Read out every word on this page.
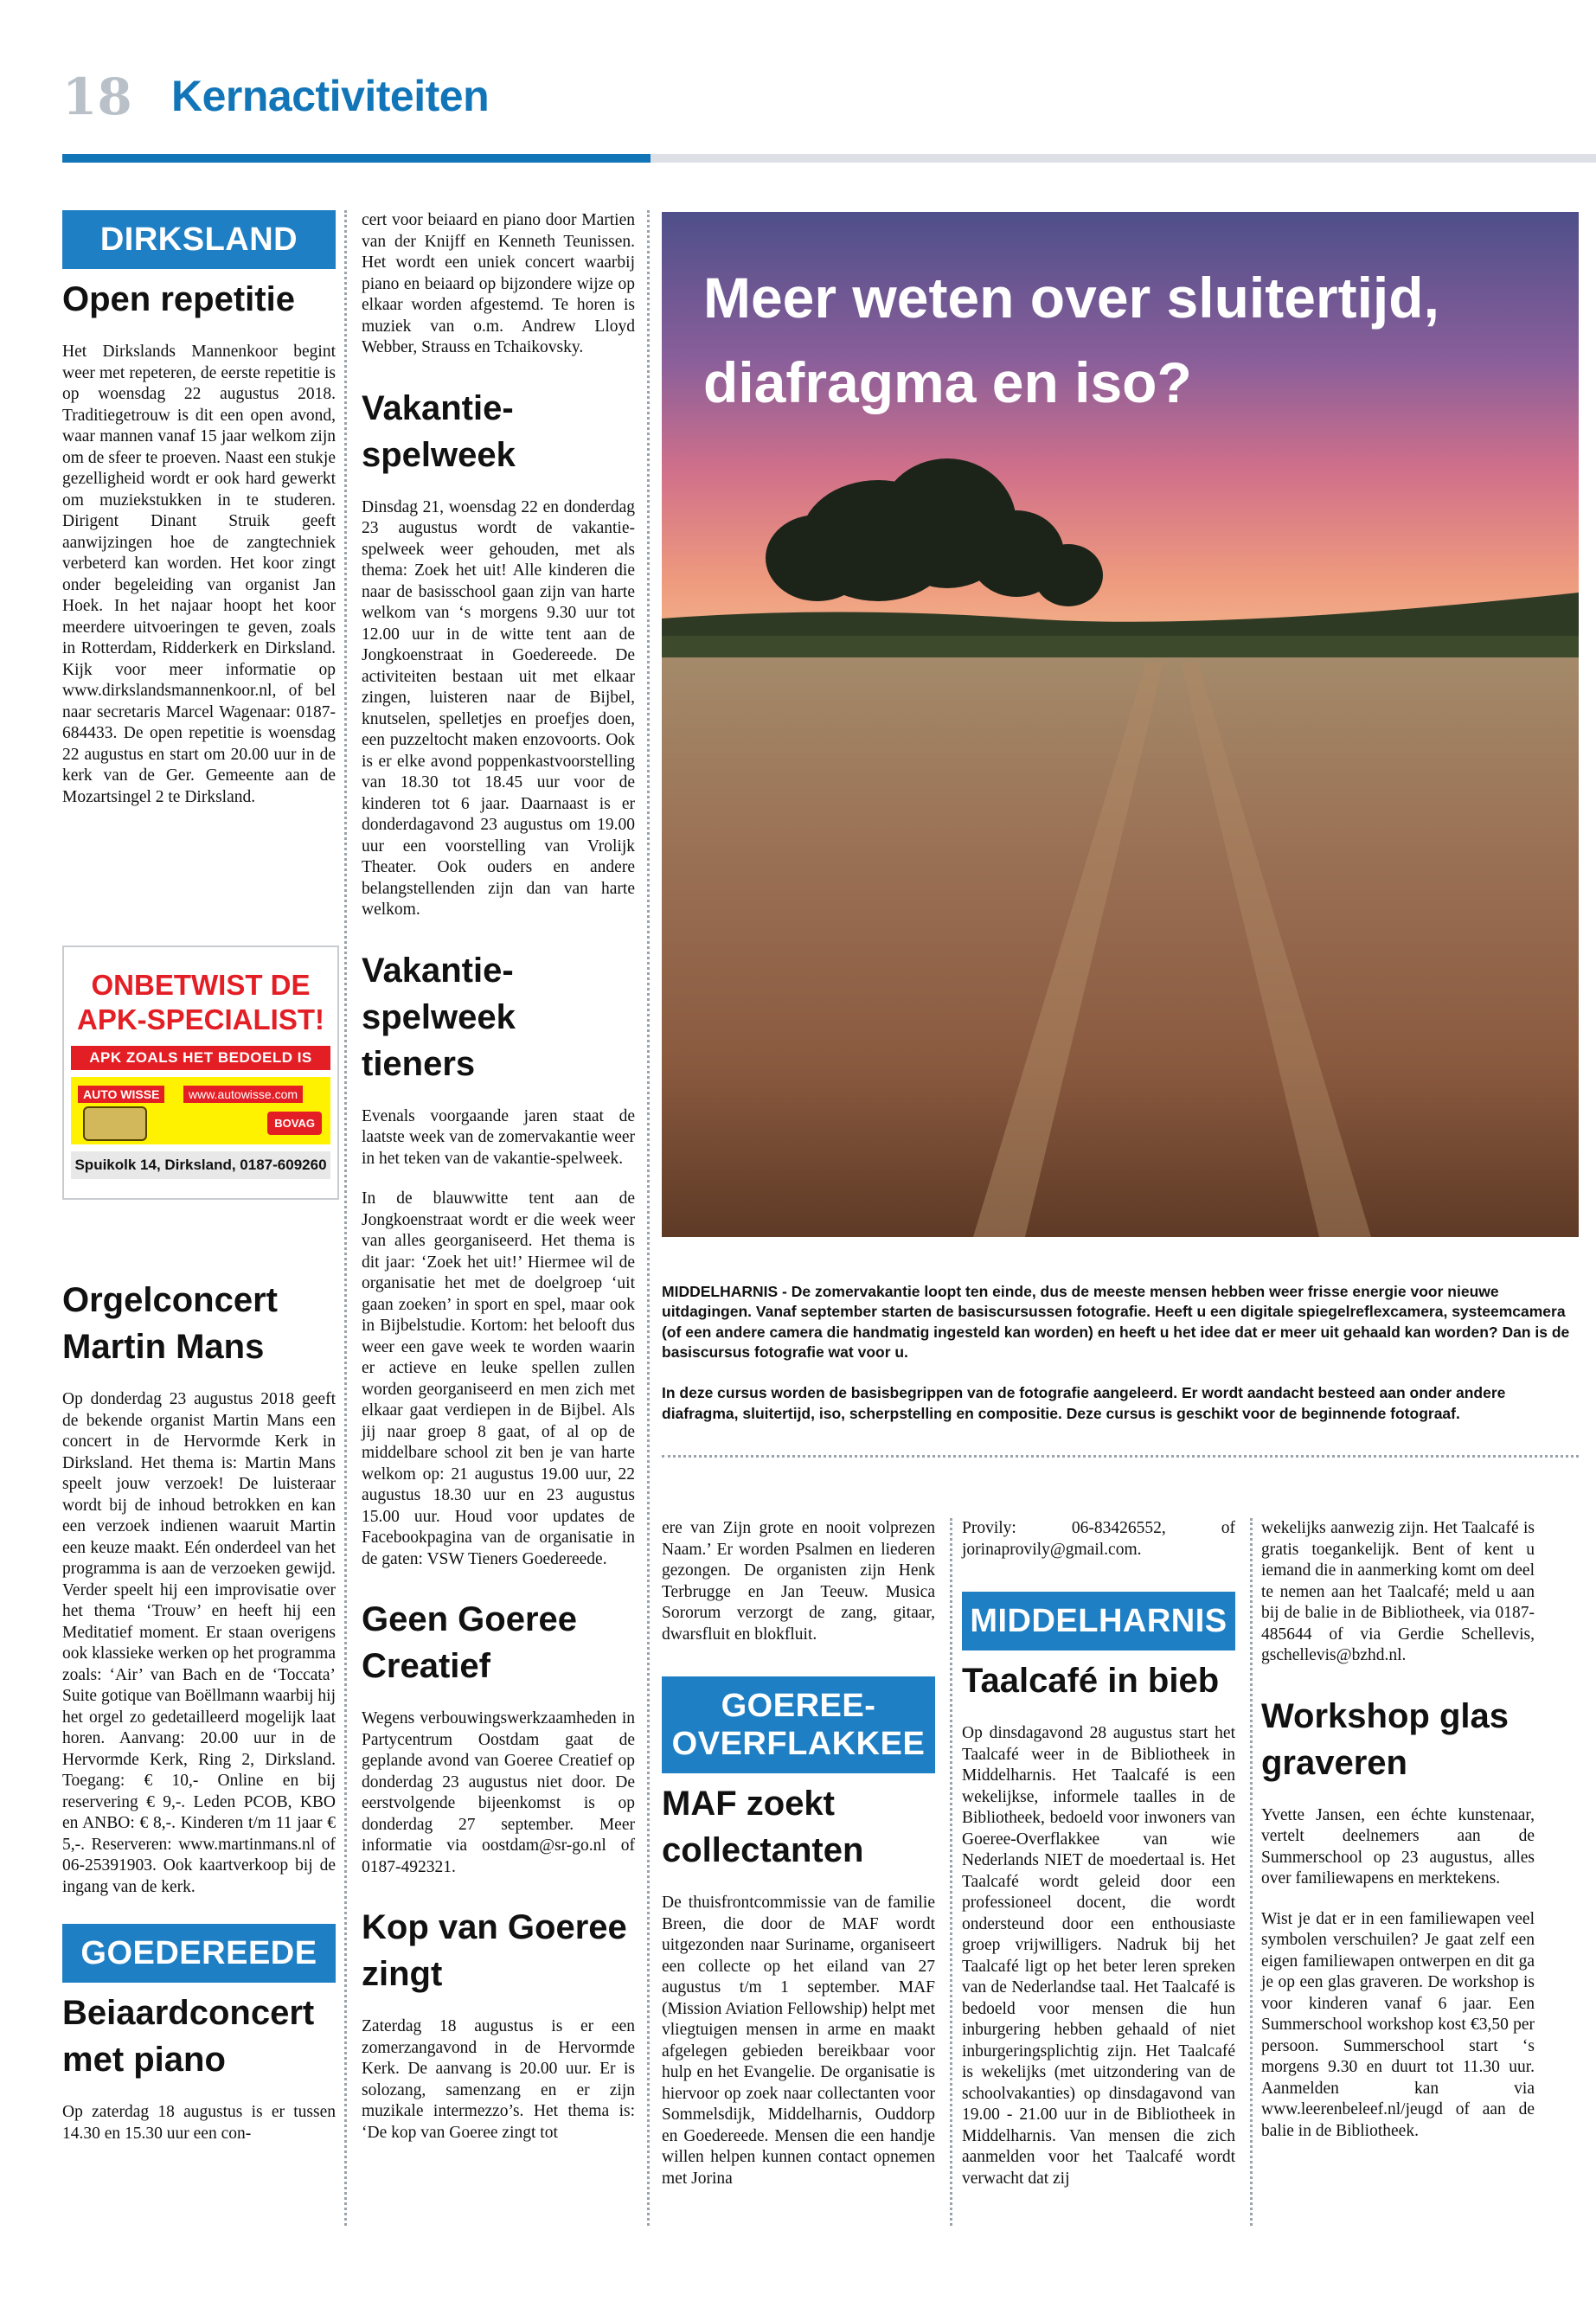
18 Kernactiviteiten
DIRKSLAND
Open repetitie
Het Dirkslands Mannenkoor begint weer met repeteren, de eerste repetitie is op woensdag 22 augustus 2018. Traditiegetrouw is dit een open avond, waar mannen vanaf 15 jaar welkom zijn om de sfeer te proeven. Naast een stukje gezelligheid wordt er ook hard gewerkt om muziekstukken in te studeren. Dirigent Dinant Struik geeft aanwijzingen hoe de zangtechniek verbeterd kan worden. Het koor zingt onder begeleiding van organist Jan Hoek. In het najaar hoopt het koor meerdere uitvoeringen te geven, zoals in Rotterdam, Ridderkerk en Dirksland. Kijk voor meer informatie op www.dirkslandsmannenkoor.nl, of bel naar secretaris Marcel Wagenaar: 0187-684433. De open repetitie is woensdag 22 augustus en start om 20.00 uur in de kerk van de Ger. Gemeente aan de Mozartsingel 2 te Dirksland.
ONBETWIST DE
APK-SPECIALIST!
APK ZOALS HET BEDOELD IS
AUTO WISSE	www.autowisse.com
BOVAG
Spuikolk 14, Dirksland, 0187-609260
Orgelconcert Martin Mans
Op donderdag 23 augustus 2018 geeft de bekende organist Martin Mans een concert in de Hervormde Kerk in Dirksland. Het thema is: Martin Mans speelt jouw verzoek! De luisteraar wordt bij de inhoud betrokken en kan een verzoek indienen waaruit Martin een keuze maakt. Eén onderdeel van het programma is aan de verzoeken gewijd. Verder speelt hij een improvisatie over het thema ‘Trouw’ en heeft hij een Meditatief moment. Er staan overigens ook klassieke werken op het programma zoals: ‘Air’ van Bach en de ‘Toccata’ Suite gotique van Boëllmann waarbij hij het orgel zo gedetailleerd mogelijk laat horen. Aanvang: 20.00 uur in de Hervormde Kerk, Ring 2, Dirksland. Toegang: € 10,- Online en bij reservering € 9,-. Leden PCOB, KBO en ANBO: € 8,-. Kinderen t/m 11 jaar € 5,-. Reserveren: www.martinmans.nl of 06-25391903. Ook kaartverkoop bij de ingang van de kerk.
GOEDEREEDE
Beiaardconcert met piano
Op zaterdag 18 augustus is er tussen 14.30 en 15.30 uur een con-
cert voor beiaard en piano door Martien van der Knijff en Kenneth Teunissen. Het wordt een uniek concert waarbij piano en beiaard op bijzondere wijze op elkaar worden afgestemd. Te horen is muziek van o.m. Andrew Lloyd Webber, Strauss en Tchaikovsky.
Vakantie-spelweek
Dinsdag 21, woensdag 22 en donderdag 23 augustus wordt de vakantie-spelweek weer gehouden, met als thema: Zoek het uit! Alle kinderen die naar de basisschool gaan zijn van harte welkom van ‘s morgens 9.30 uur tot 12.00 uur in de witte tent aan de Jongkoenstraat in Goedereede. De activiteiten bestaan uit met elkaar zingen, luisteren naar de Bijbel, knutselen, spelletjes en proefjes doen, een puzzeltocht maken enzovoorts. Ook is er elke avond poppenkastvoorstelling van 18.30 tot 18.45 uur voor de kinderen tot 6 jaar. Daarnaast is er donderdagavond 23 augustus om 19.00 uur een voorstelling van Vrolijk Theater. Ook ouders en andere belangstellenden zijn dan van harte welkom.
Vakantie-spelweek tieners
Evenals voorgaande jaren staat de laatste week van de zomervakantie weer in het teken van de vakantie-spelweek.
In de blauwwitte tent aan de Jongkoenstraat wordt er die week weer van alles georganiseerd. Het thema is dit jaar: ‘Zoek het uit!’ Hiermee wil de organisatie het met de doelgroep ‘uit gaan zoeken’ in sport en spel, maar ook in Bijbelstudie. Kortom: het belooft dus weer een gave week te worden waarin er actieve en leuke spellen zullen worden georganiseerd en men zich met elkaar gaat verdiepen in de Bijbel. Als jij naar groep 8 gaat, of al op de middelbare school zit ben je van harte welkom op: 21 augustus 19.00 uur, 22 augustus 18.30 uur en 23 augustus 15.00 uur. Houd voor updates de Facebookpagina van de organisatie in de gaten: VSW Tieners Goedereede.
Geen Goeree Creatief
Wegens verbouwingswerkzaamheden in Partycentrum Oostdam gaat de geplande avond van Goeree Creatief op donderdag 23 augustus niet door. De eerstvolgende bijeenkomst is op donderdag 27 september. Meer informatie via oostdam@sr-go.nl of 0187-492321.
Kop van Goeree zingt
Zaterdag 18 augustus is er een zomerzangavond in de Hervormde Kerk. De aanvang is 20.00 uur. Er is solozang, samenzang en er zijn muzikale intermezzo’s. Het thema is: ‘De kop van Goeree zingt tot
Meer weten over sluitertijd, diafragma en iso?

MIDDELHARNIS - De zomervakantie loopt ten einde, dus de meeste mensen hebben weer frisse energie voor nieuwe uitdagingen. Vanaf september starten de basiscursussen fotografie. Heeft u een digitale spiegelreflexcamera, systeemcamera (of een andere camera die handmatig ingesteld kan worden) en heeft u het idee dat er meer uit gehaald kan worden? Dan is de basiscursus fotografie wat voor u.

In deze cursus worden de basisbegrippen van de fotografie aangeleerd. Er wordt aandacht besteed aan onder andere diafragma, sluitertijd, iso, scherpstelling en compositie. Deze cursus is geschikt voor de beginnende fotograaf.

ere van Zijn grote en nooit volprezen Naam.’ Er worden Psalmen en liederen gezongen. De organisten zijn Henk Terbrugge en Jan Teeuw. Musica Sororum verzorgt de zang, gitaar, dwarsfluit en blokfluit.
GOEREE-OVERFLAKKEE
MAF zoekt collectanten
De thuisfrontcommissie van de familie Breen, die door de MAF wordt uitgezonden naar Suriname, organiseert een collecte op het eiland van 27 augustus t/m 1 september. MAF (Mission Aviation Fellowship) helpt met vliegtuigen mensen in arme en maakt afgelegen gebieden bereikbaar voor hulp en het Evangelie. De organisatie is hiervoor op zoek naar collectanten voor Sommelsdijk, Middelharnis, Ouddorp en Goedereede. Mensen die een handje willen helpen kunnen contact opnemen met Jorina
Provily: 06-83426552, of jorinaprovily@gmail.com.
MIDDELHARNIS
Taalcafé in bieb
Op dinsdagavond 28 augustus start het Taalcafé weer in de Bibliotheek in Middelharnis. Het Taalcafé is een wekelijkse, informele taalles in de Bibliotheek, bedoeld voor inwoners van Goeree-Overflakkee van wie Nederlands NIET de moedertaal is. Het Taalcafé wordt geleid door een professioneel docent, die wordt ondersteund door een enthousiaste groep vrijwilligers. Nadruk bij het Taalcafé ligt op het beter leren spreken van de Nederlandse taal. Het Taalcafé is bedoeld voor mensen die hun inburgering hebben gehaald of niet inburgeringsplichtig zijn. Het Taalcafé is wekelijks (met uitzondering van de schoolvakanties) op dinsdagavond van 19.00 - 21.00 uur in de Bibliotheek in Middelharnis. Van mensen die zich aanmelden voor het Taalcafé wordt verwacht dat zij
wekelijks aanwezig zijn. Het Taalcafé is gratis toegankelijk. Bent of kent u iemand die in aanmerking komt om deel te nemen aan het Taalcafé; meld u aan bij de balie in de Bibliotheek, via 0187-485644 of via Gerdie Schellevis, gschellevis@bzhd.nl.
Workshop glas graveren
Yvette Jansen, een échte kunstenaar, vertelt deelnemers aan de Summerschool op 23 augustus, alles over familiewapens en merktekens.
Wist je dat er in een familiewapen veel symbolen verschuilen? Je gaat zelf een eigen familiewapen ontwerpen en dit ga je op een glas graveren. De workshop is voor kinderen vanaf 6 jaar. Een Summerschool workshop kost €3,50 per persoon. Summerschool start ‘s morgens 9.30 en duurt tot 11.30 uur. Aanmelden kan via www.leerenbeleef.nl/jeugd of aan de balie in de Bibliotheek.
